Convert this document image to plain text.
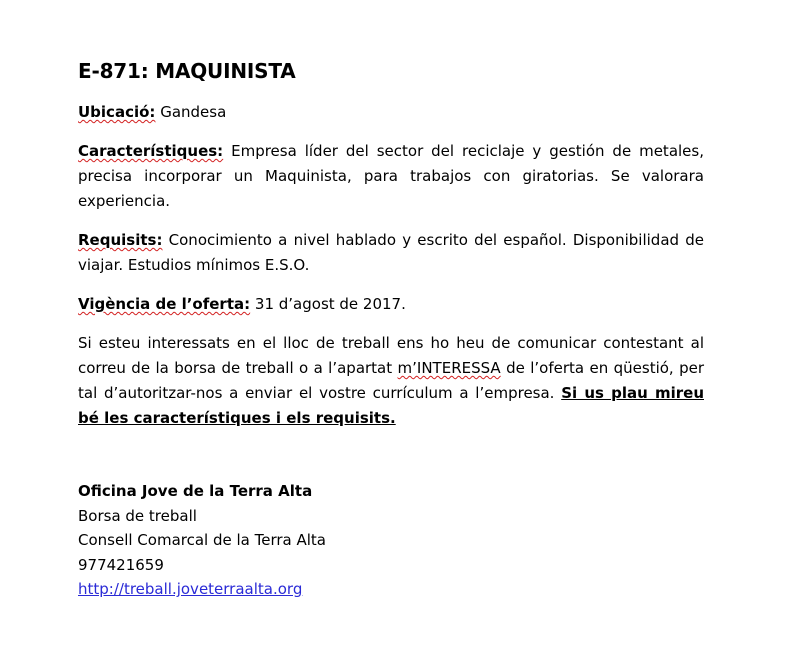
E-871: MAQUINISTA
Ubicació: Gandesa
Característiques: Empresa líder del sector del reciclaje y gestión de metales, precisa incorporar un Maquinista, para trabajos con giratorias. Se valorara experiencia.
Requisits: Conocimiento a nivel hablado y escrito del español. Disponibilidad de viajar. Estudios mínimos E.S.O.
Vigència de l’oferta: 31 d’agost de 2017.
Si esteu interessats en el lloc de treball ens ho heu de comunicar contestant al correu de la borsa de treball o a l’apartat m’INTERESSA de l’oferta en qüestió, per tal d’autoritzar-nos a enviar el vostre currículum a l’empresa. Si us plau mireu bé les característiques i els requisits.
Oficina Jove de la Terra Alta
Borsa de treball
Consell Comarcal de la Terra Alta
977421659
http://treball.joveterraalta.org
